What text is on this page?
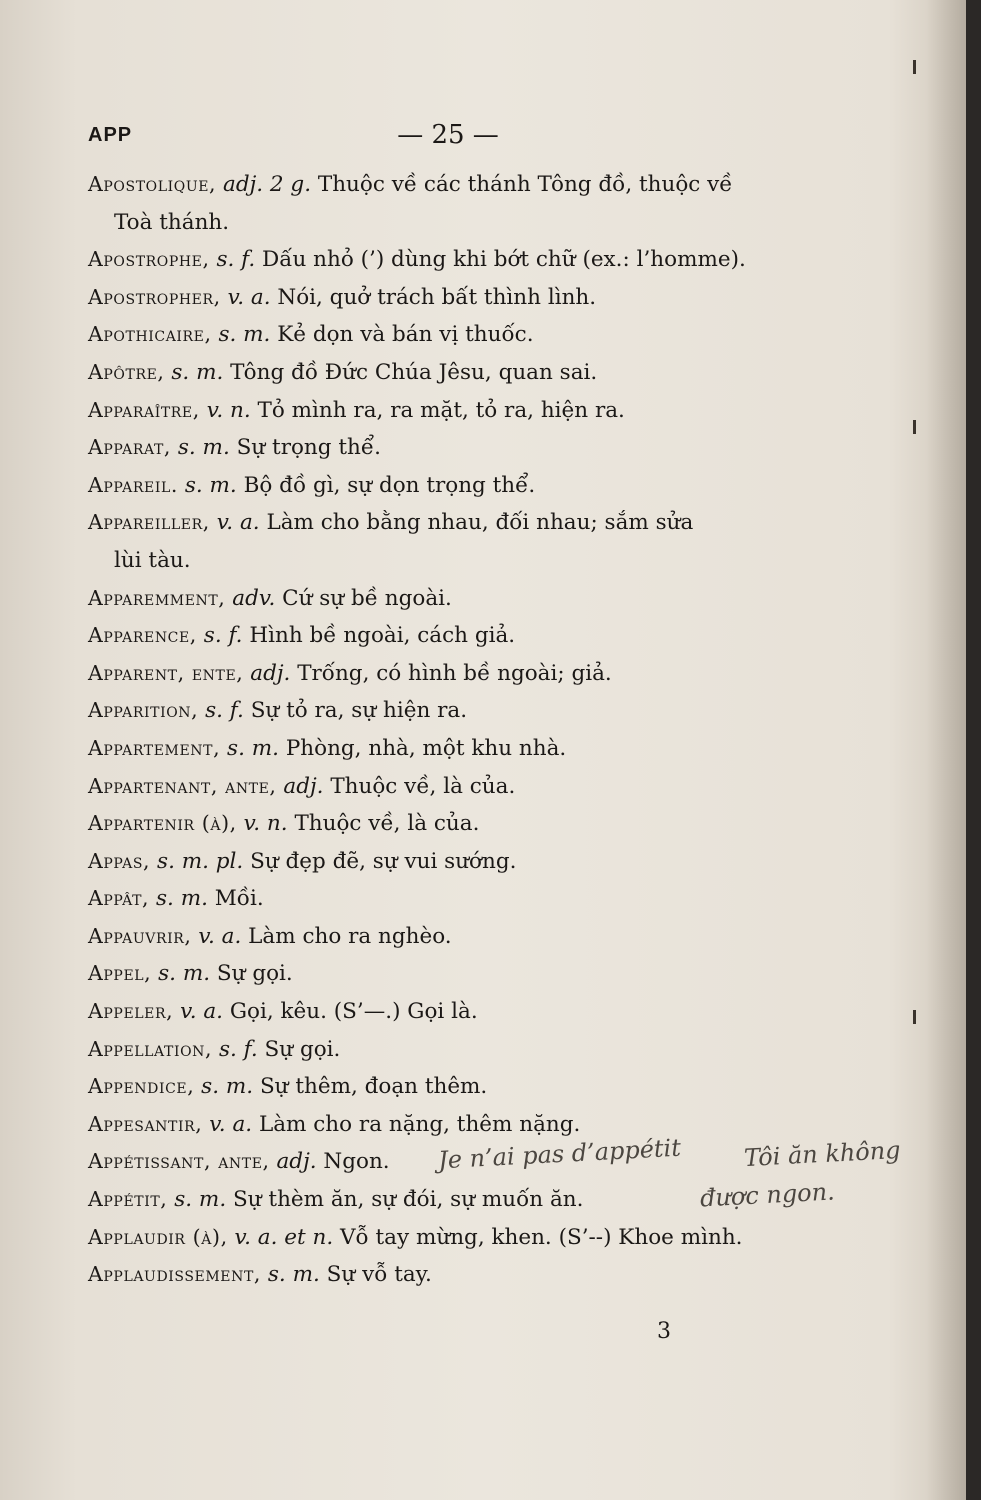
APP	— 25 —
Apostolique, adj. 2 g. Thuộc về các thánh Tông đồ, thuộc về
Toà thánh.
Apostrophe, s. f. Dấu nhỏ (’) dùng khi bớt chữ (ex.: l’homme).
Apostropher, v. a. Nói, quở trách bất thình lình.
Apothicaire, s. m. Kẻ dọn và bán vị thuốc.
Apôtre, s. m. Tông đồ Đức Chúa Jêsu, quan sai.
Apparaître, v. n. Tỏ mình ra, ra mặt, tỏ ra, hiện ra.
Apparat, s. m. Sự trọng thể.
Appareil. s. m. Bộ đồ gì, sự dọn trọng thể.
Appareiller, v. a. Làm cho bằng nhau, đối nhau; sắm sửa
lùi tàu.
Apparemment, adv. Cứ sự bề ngoài.
Apparence, s. f. Hình bề ngoài, cách giả.
Apparent, ente, adj. Trống, có hình bề ngoài; giả.
Apparition, s. f. Sự tỏ ra, sự hiện ra.
Appartement, s. m. Phòng, nhà, một khu nhà.
Appartenant, ante, adj. Thuộc về, là của.
Appartenir (à), v. n. Thuộc về, là của.
Appas, s. m. pl. Sự đẹp đẽ, sự vui sướng.
Appât, s. m. Mồi.
Appauvrir, v. a. Làm cho ra nghèo.
Appel, s. m. Sự gọi.
Appeler, v. a. Gọi, kêu. (S’—.) Gọi là.
Appellation, s. f. Sự gọi.
Appendice, s. m. Sự thêm, đoạn thêm.
Appesantir, v. a. Làm cho ra nặng, thêm nặng.
Appétissant, ante, adj. Ngon.
Appétit, s. m. Sự thèm ăn, sự đói, sự muốn ăn.
Applaudir (à), v. a. et n. Vỗ tay mừng, khen. (S’--) Khoe mình.
Applaudissement, s. m. Sự vỗ tay.
Je n’ai pas d’appétit	Tôi ăn không
được ngon.
3
